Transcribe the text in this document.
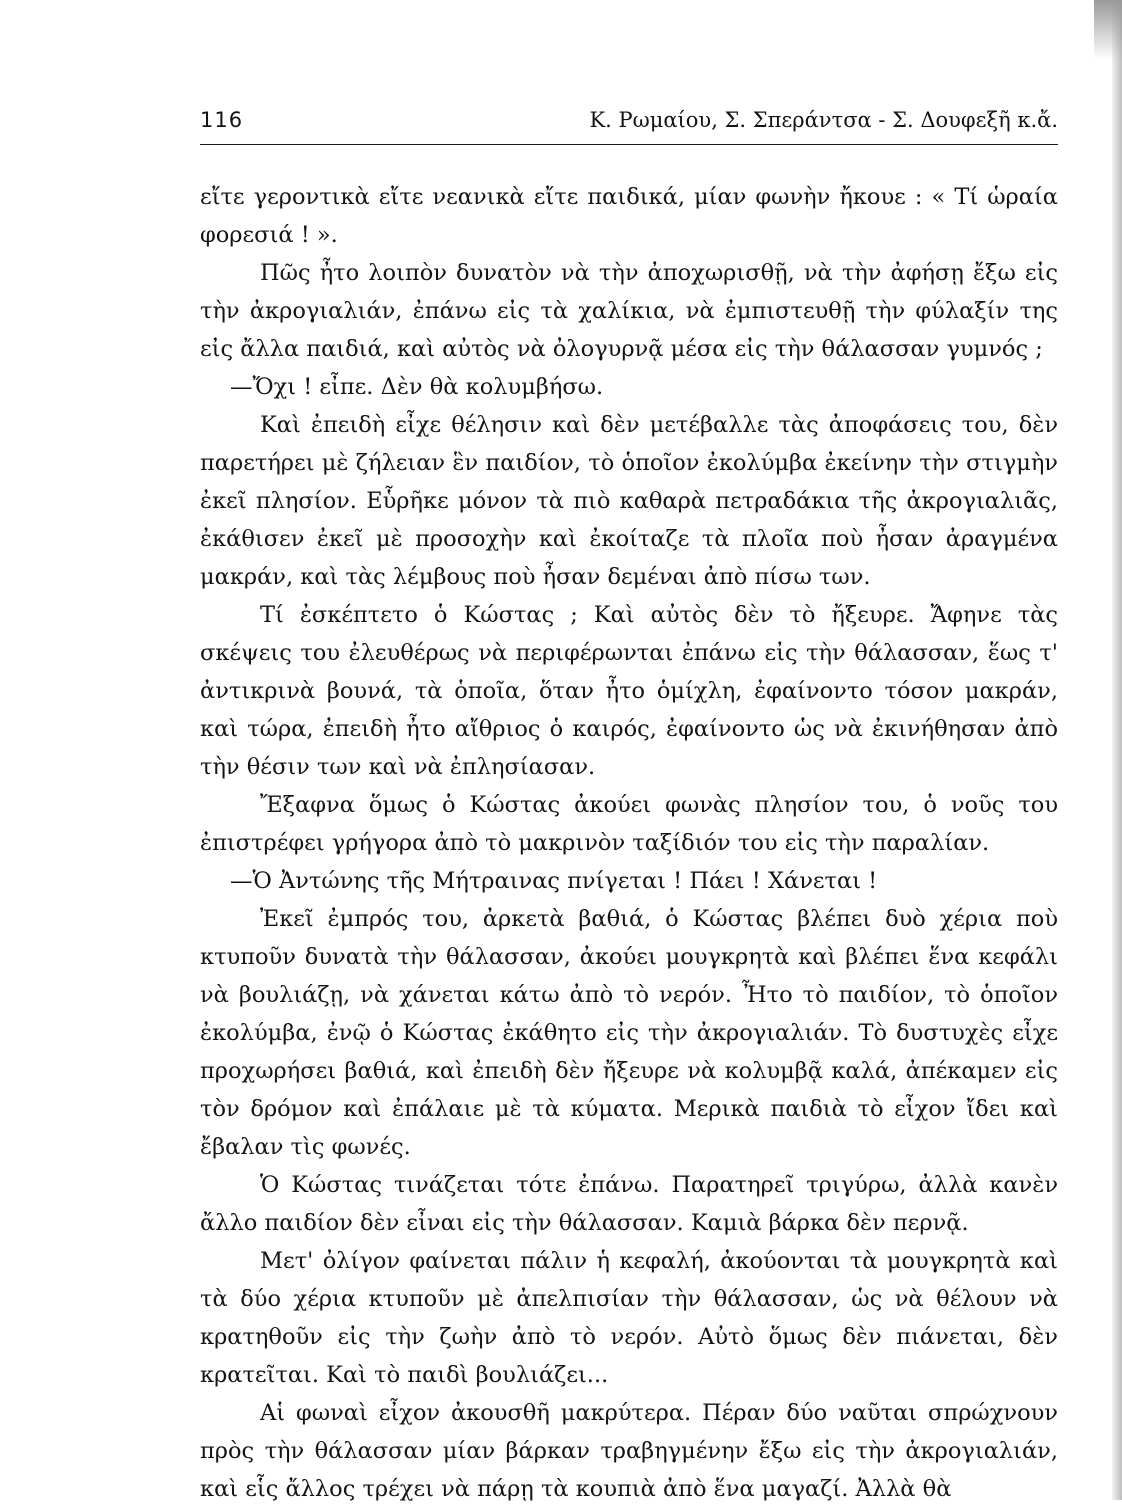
116	Κ. Ρωμαίου, Σ. Σπεράντσα - Σ. Δουφεξῆ κ.ἄ.

εἴτε γεροντικὰ εἴτε νεανικὰ εἴτε παιδικά, μίαν φωνὴν ἤκουε : « Τί ὡραία φορεσιά ! ».

Πῶς ἦτο λοιπὸν δυνατὸν νὰ τὴν ἀποχωρισθῇ, νὰ τὴν ἀφήσῃ ἔξω εἰς τὴν ἀκρογιαλιάν, ἐπάνω εἰς τὰ χαλίκια, νὰ ἐμπιστευθῇ τὴν φύλαξίν της εἰς ἄλλα παιδιά, καὶ αὐτὸς νὰ ὀλογυρνᾷ μέσα εἰς τὴν θάλασσαν γυμνός ;

—Ὄχι ! εἶπε. Δὲν θὰ κολυμβήσω.

Καὶ ἐπειδὴ εἶχε θέλησιν καὶ δὲν μετέβαλλε τὰς ἀποφάσεις του, δὲν παρετήρει μὲ ζήλειαν ἓν παιδίον, τὸ ὁποῖον ἐκολύμβα ἐκείνην τὴν στιγμὴν ἐκεῖ πλησίον. Εὗρῆκε μόνον τὰ πιὸ καθαρὰ πετραδάκια τῆς ἀκρογιαλιᾶς, ἐκάθισεν ἐκεῖ μὲ προσοχὴν καὶ ἐκοίταζε τὰ πλοῖα ποὺ ἦσαν ἀραγμένα μακράν, καὶ τὰς λέμβους ποὺ ἦσαν δεμέναι ἀπὸ πίσω των.

Τί ἐσκέπτετο ὁ Κώστας ; Καὶ αὐτὸς δὲν τὸ ἤξευρε. Ἄφηνε τὰς σκέψεις του ἐλευθέρως νὰ περιφέρωνται ἐπάνω εἰς τὴν θάλασσαν, ἕως τ' ἀντικρινὰ βουνά, τὰ ὁποῖα, ὅταν ἦτο ὁμίχλη, ἐφαίνοντο τόσον μακράν, καὶ τώρα, ἐπειδὴ ἦτο αἴθριος ὁ καιρός, ἐφαίνοντο ὡς νὰ ἐκινήθησαν ἀπὸ τὴν θέσιν των καὶ νὰ ἐπλησίασαν.

Ἔξαφνα ὅμως ὁ Κώστας ἀκούει φωνὰς πλησίον του, ὁ νοῦς του ἐπιστρέφει γρήγορα ἀπὸ τὸ μακρινὸν ταξίδιόν του εἰς τὴν παραλίαν.

—Ὁ Ἀντώνης τῆς Μήτραινας πνίγεται ! Πάει ! Χάνεται !

Ἐκεῖ ἐμπρός του, ἀρκετὰ βαθιά, ὁ Κώστας βλέπει δυὸ χέρια ποὺ κτυποῦν δυνατὰ τὴν θάλασσαν, ἀκούει μουγκρητὰ καὶ βλέπει ἕνα κεφάλι νὰ βουλιάζῃ, νὰ χάνεται κάτω ἀπὸ τὸ νερόν. Ἦτο τὸ παιδίον, τὸ ὁποῖον ἐκολύμβα, ἐνῷ ὁ Κώστας ἐκάθητο εἰς τὴν ἀκρογιαλιάν. Τὸ δυστυχὲς εἶχε προχωρήσει βαθιά, καὶ ἐπειδὴ δὲν ἤξευρε νὰ κολυμβᾷ καλά, ἀπέκαμεν εἰς τὸν δρόμον καὶ ἐπάλαιε μὲ τὰ κύματα. Μερικὰ παιδιὰ τὸ εἶχον ἴδει καὶ ἔβαλαν τὶς φωνές.

Ὁ Κώστας τινάζεται τότε ἐπάνω. Παρατηρεῖ τριγύρω, ἀλλὰ κανὲν ἄλλο παιδίον δὲν εἶναι εἰς τὴν θάλασσαν. Καμιὰ βάρκα δὲν περνᾷ.

Μετ' ὀλίγον φαίνεται πάλιν ἡ κεφαλή, ἀκούονται τὰ μουγκρητὰ καὶ τὰ δύο χέρια κτυποῦν μὲ ἀπελπισίαν τὴν θάλασσαν, ὡς νὰ θέλουν νὰ κρατηθοῦν εἰς τὴν ζωὴν ἀπὸ τὸ νερόν. Αὐτὸ ὅμως δὲν πιάνεται, δὲν κρατεῖται. Καὶ τὸ παιδὶ βουλιάζει...

Αἱ φωναὶ εἶχον ἀκουσθῆ μακρύτερα. Πέραν δύο ναῦται σπρώχνουν πρὸς τὴν θάλασσαν μίαν βάρκαν τραβηγμένην ἔξω εἰς τὴν ἀκρογιαλιάν, καὶ εἷς ἄλλος τρέχει νὰ πάρῃ τὰ κουπιὰ ἀπὸ ἕνα μαγαζί. Ἀλλὰ θὰ
